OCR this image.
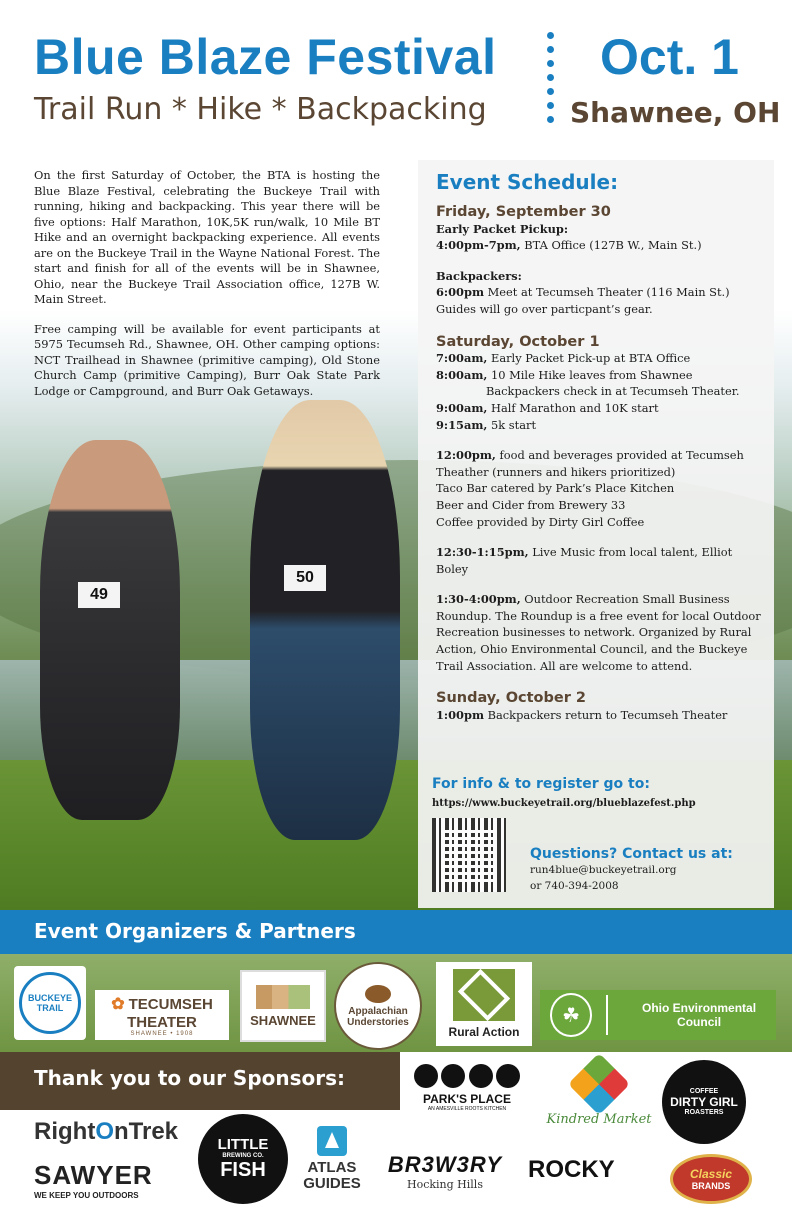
Blue Blaze Festival
Trail Run * Hike * Backpacking
Oct. 1
Shawnee, OH
49
50

On the first Saturday of October, the BTA is hosting the Blue Blaze Festival, celebrating the Buckeye Trail with running, hiking and backpacking. This year there will be five options: Half Marathon, 10K,5K run/walk, 10 Mile BT Hike and an overnight backpacking experience. All events are on the Buckeye Trail in the Wayne National Forest. The start and finish for all of the events will be in Shawnee, Ohio, near the Buckeye Trail Association office, 127B W. Main Street.

Free camping will be available for event participants at 5975 Tecumseh Rd., Shawnee, OH. Other camping options: NCT Trailhead in Shawnee (primitive camping), Old Stone Church Camp (primitive Camping), Burr Oak State Park Lodge or Campground, and Burr Oak Getaways.

Event Schedule:
Friday, September 30

Early Packet Pickup:

4:00pm-7pm, BTA Office (127B W., Main St.)

Backpackers:

6:00pm Meet at Tecumseh Theater (116 Main St.)

Guides will go over particpant’s gear.

Saturday, October 1

7:00am, Early Packet Pick-up at BTA Office

8:00am, 10 Mile Hike leaves from Shawnee

Backpackers check in at Tecumseh Theater.

9:00am, Half Marathon and 10K start

9:15am, 5k start

12:00pm, food and beverages provided at Tecumseh Theather (runners and hikers prioritized)

Taco Bar catered by Park’s Place Kitchen

Beer and Cider from Brewery 33

Coffee provided by Dirty Girl Coffee

12:30-1:15pm, Live Music from local talent, Elliot Boley

1:30-4:00pm, Outdoor Recreation Small Business Roundup. The Roundup is a free event for local Outdoor Recreation businesses to network. Organized by Rural Action, Ohio Environmental Council, and the Buckeye Trail Association. All are welcome to attend.

Sunday, October 2

1:00pm Backpackers return to Tecumseh Theater

For info & to register go to:
https://www.buckeyetrail.org/blueblazefest.php
Questions? Contact us at:
run4blue@buckeyetrail.org
or 740-394-2008
Event Organizers & Partners
BUCKEYE TRAIL	✿ TECUMSEH THEATER
SHAWNEE • 1908
SHAWNEE
Appalachian Understories
Rural Action
☘	Ohio Environmental Council
Thank you to our Sponsors:
RightOnTrek
SAWYER
WE KEEP YOU OUTDOORS
LITTLE
BREWING CO.
FISH	ATLAS GUIDES
PARK'S PLACE
AN AMESVILLE ROOTS KITCHEN
Kindred Market
COFFEE
DIRTY GIRL
ROASTERS
BR3W3RY
Hocking Hills
ROCKY	Classic
BRANDS
